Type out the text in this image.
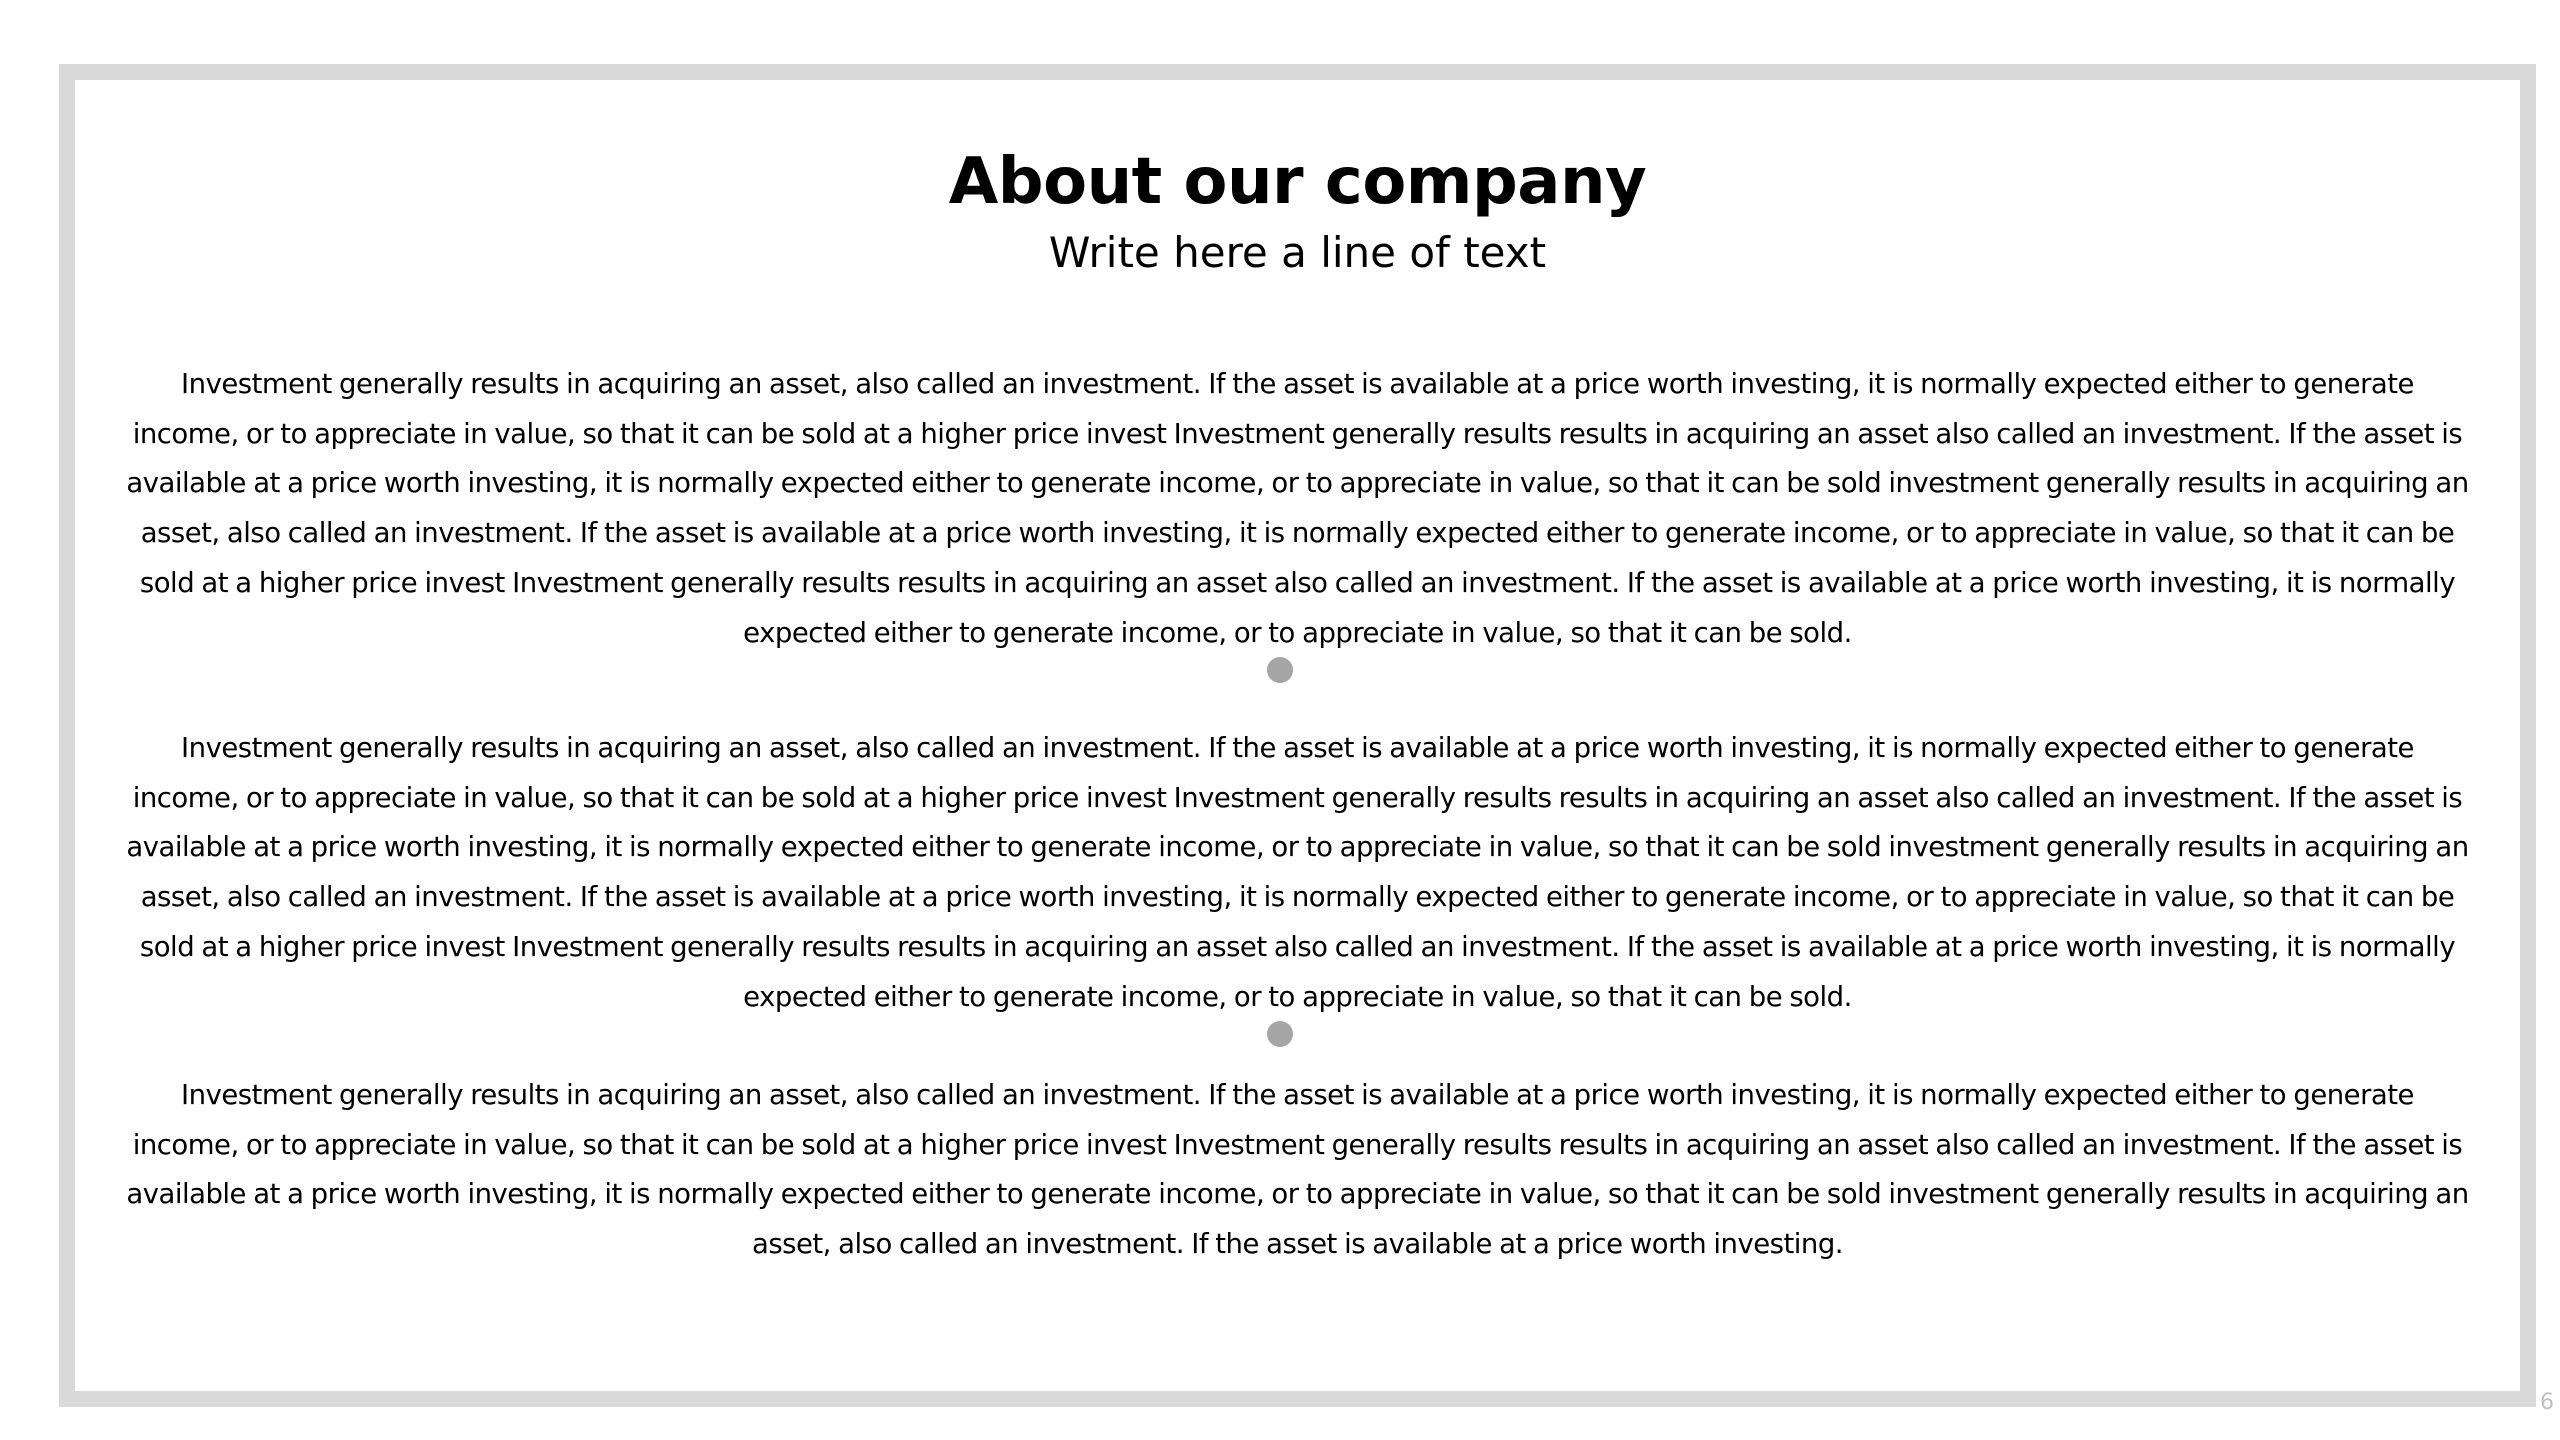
About our company
Write here a line of text

Investment generally results in acquiring an asset, also called an investment. If the asset is available at a price worth investing, it is normally expected either to generate income, or to appreciate in value, so that it can be sold at a higher price invest Investment generally results results in acquiring an asset also called an investment. If the asset is available at a price worth investing, it is normally expected either to generate income, or to appreciate in value, so that it can be sold investment generally results in acquiring an asset, also called an investment. If the asset is available at a price worth investing, it is normally expected either to generate income, or to appreciate in value, so that it can be sold at a higher price invest Investment generally results results in acquiring an asset also called an investment. If the asset is available at a price worth investing, it is normally expected either to generate income, or to appreciate in value, so that it can be sold.

Investment generally results in acquiring an asset, also called an investment. If the asset is available at a price worth investing, it is normally expected either to generate income, or to appreciate in value, so that it can be sold at a higher price invest Investment generally results results in acquiring an asset also called an investment. If the asset is available at a price worth investing, it is normally expected either to generate income, or to appreciate in value, so that it can be sold investment generally results in acquiring an asset, also called an investment. If the asset is available at a price worth investing, it is normally expected either to generate income, or to appreciate in value, so that it can be sold at a higher price invest Investment generally results results in acquiring an asset also called an investment. If the asset is available at a price worth investing, it is normally expected either to generate income, or to appreciate in value, so that it can be sold.

Investment generally results in acquiring an asset, also called an investment. If the asset is available at a price worth investing, it is normally expected either to generate income, or to appreciate in value, so that it can be sold at a higher price invest Investment generally results results in acquiring an asset also called an investment. If the asset is available at a price worth investing, it is normally expected either to generate income, or to appreciate in value, so that it can be sold investment generally results in acquiring an asset, also called an investment. If the asset is available at a price worth investing.

6
